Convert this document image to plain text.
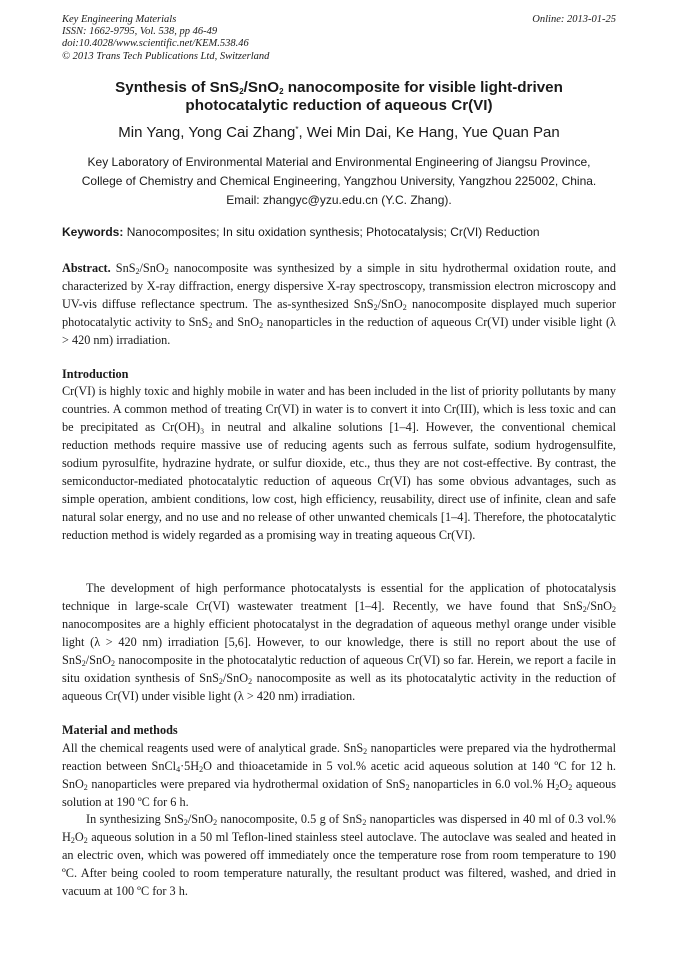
Key Engineering Materials
ISSN: 1662-9795, Vol. 538, pp 46-49
doi:10.4028/www.scientific.net/KEM.538.46
© 2013 Trans Tech Publications Ltd, Switzerland
Online: 2013-01-25
Synthesis of SnS$_2$/SnO$_2$ nanocomposite for visible light-driven
photocatalytic reduction of aqueous Cr(VI)
Min Yang, Yong Cai Zhang*, Wei Min Dai, Ke Hang, Yue Quan Pan
Key Laboratory of Environmental Material and Environmental Engineering of Jiangsu Province,
College of Chemistry and Chemical Engineering, Yangzhou University, Yangzhou 225002, China.
Email: zhangyc@yzu.edu.cn (Y.C. Zhang).
Keywords: Nanocomposites; In situ oxidation synthesis; Photocatalysis; Cr(VI) Reduction
Abstract. SnS$_2$/SnO$_2$ nanocomposite was synthesized by a simple in situ hydrothermal oxidation route, and characterized by X-ray diffraction, energy dispersive X-ray spectroscopy, transmission electron microscopy and UV-vis diffuse reflectance spectrum. The as-synthesized SnS$_2$/SnO$_2$ nanocomposite displayed much superior photocatalytic activity to SnS$_2$ and SnO$_2$ nanoparticles in the reduction of aqueous Cr(VI) under visible light (λ > 420 nm) irradiation.
Introduction
Cr(VI) is highly toxic and highly mobile in water and has been included in the list of priority pollutants by many countries. A common method of treating Cr(VI) in water is to convert it into Cr(III), which is less toxic and can be precipitated as Cr(OH)₃ in neutral and alkaline solutions [1–4]. However, the conventional chemical reduction methods require massive use of reducing agents such as ferrous sulfate, sodium hydrogensulfite, sodium pyrosulfite, hydrazine hydrate, or sulfur dioxide, etc., thus they are not cost-effective. By contrast, the semiconductor-mediated photocatalytic reduction of aqueous Cr(VI) has some obvious advantages, such as simple operation, ambient conditions, low cost, high efficiency, reusability, direct use of infinite, clean and safe natural solar energy, and no use and no release of other unwanted chemicals [1–4]. Therefore, the photocatalytic reduction method is widely regarded as a promising way in treating aqueous Cr(VI).
The development of high performance photocatalysts is essential for the application of photocatalysis technique in large-scale Cr(VI) wastewater treatment [1–4]. Recently, we have found that SnS$_2$/SnO$_2$ nanocomposites are a highly efficient photocatalyst in the degradation of aqueous methyl orange under visible light (λ > 420 nm) irradiation [5,6]. However, to our knowledge, there is still no report about the use of SnS$_2$/SnO$_2$ nanocomposite in the photocatalytic reduction of aqueous Cr(VI) so far. Herein, we report a facile in situ oxidation synthesis of SnS$_2$/SnO$_2$ nanocomposite as well as its photocatalytic activity in the reduction of aqueous Cr(VI) under visible light (λ > 420 nm) irradiation.
Material and methods
All the chemical reagents used were of analytical grade. SnS$_2$ nanoparticles were prepared via the hydrothermal reaction between $SnCl_4\cdot 5H_2O$ and thioacetamide in 5 vol.% acetic acid aqueous solution at 140 ºC for 12 h. SnO$_2$ nanoparticles were prepared via hydrothermal oxidation of SnS$_2$ nanoparticles in 6.0 vol.% $H_2O_2$ aqueous solution at 190 ºC for 6 h.
In synthesizing SnS$_2$/SnO$_2$ nanocomposite, 0.5 g of SnS$_2$ nanoparticles was dispersed in 40 ml of 0.3 vol.% $H_2O_2$ aqueous solution in a 50 ml Teflon-lined stainless steel autoclave. The autoclave was sealed and heated in an electric oven, which was powered off immediately once the temperature rose from room temperature to 190 ºC. After being cooled to room temperature naturally, the resultant product was filtered, washed, and dried in vacuum at 100 ºC for 3 h.
